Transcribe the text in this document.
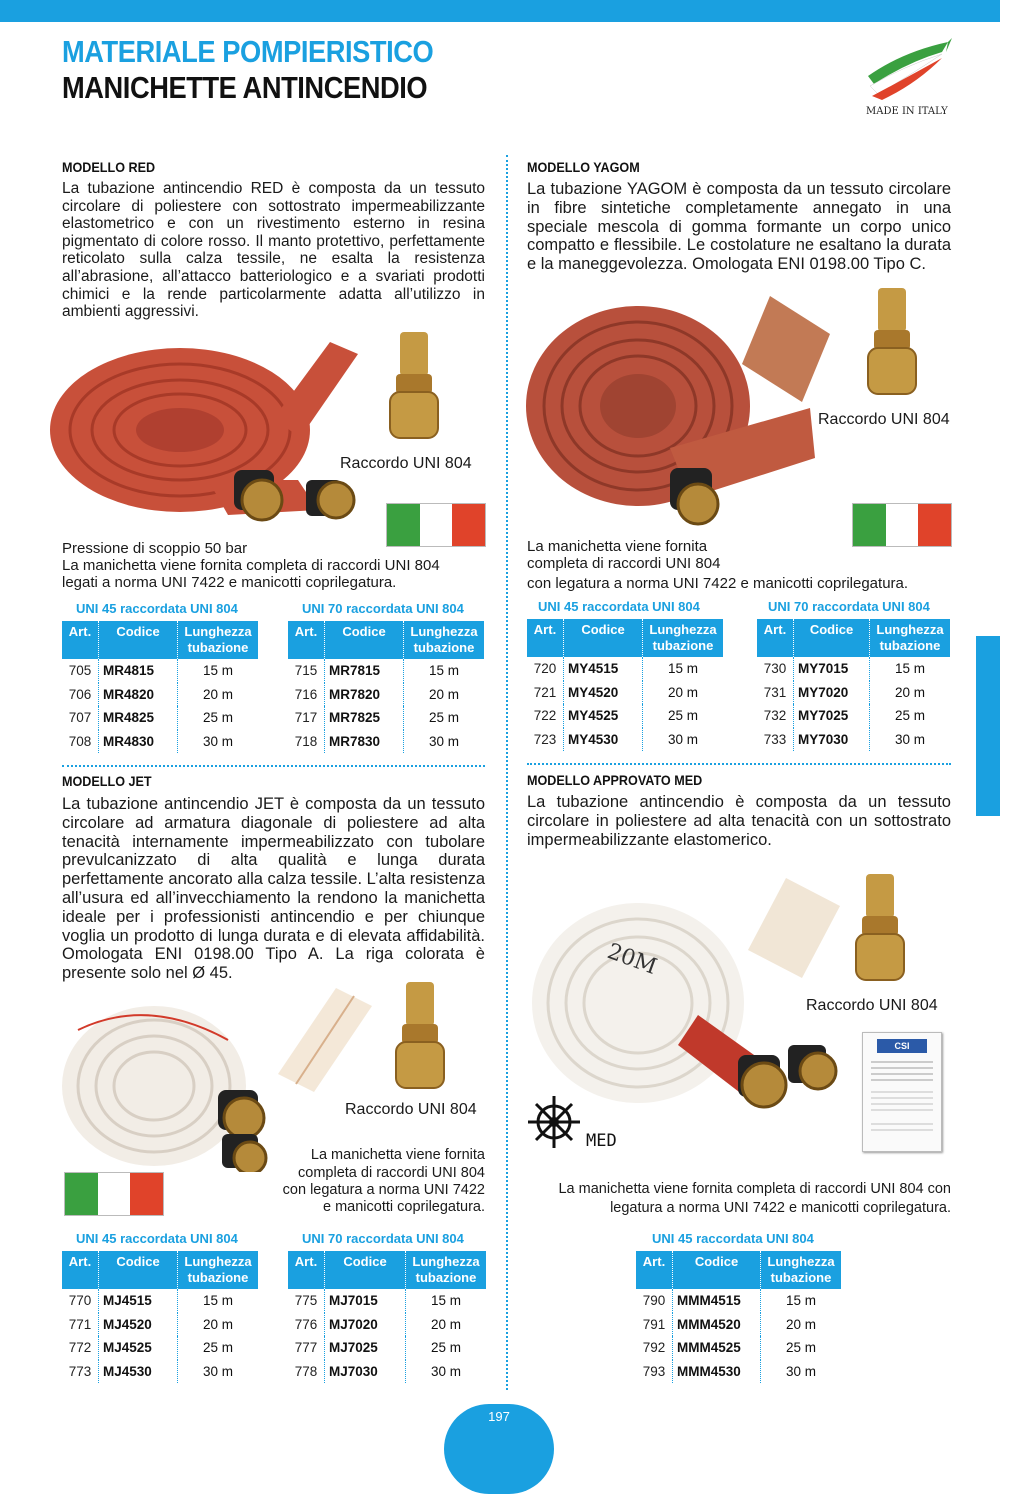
MATERIALE POMPIERISTICO
MANICHETTE ANTINCENDIO
MADE IN ITALY
MODELLO RED
La tubazione antincendio RED è composta da un tessuto circolare di poliestere con sottostrato impermeabilizzante elastometrico e con un rivestimento esterno in resina pigmentato di colore rosso. Il manto protettivo, perfettamente reticolato sulla calza tessile, ne esalta la resistenza all’abrasione, all’attacco batteriologico e a svariati prodotti chimici e la rende particolarmente adatta all’utilizzo in ambienti aggressivi.
Raccordo UNI 804
Pressione di scoppio 50 bar
La manichetta viene fornita completa di raccordi UNI 804
legati a norma UNI 7422 e manicotti coprilegatura.
UNI 45 raccordata UNI 804	UNI 70 raccordata UNI 804
Art.	Codice	Lunghezza
tubazione

705	MR4815	15 m
706	MR4820	20 m
707	MR4825	25 m
708	MR4830	30 m
Art.	Codice	Lunghezza
tubazione

715	MR7815	15 m
716	MR7820	20 m
717	MR7825	25 m
718	MR7830	30 m
MODELLO YAGOM
La tubazione YAGOM è composta da un tessuto circolare in fibre sintetiche completamente annegato in una speciale mescola di gomma formante un corpo unico compatto e flessibile. Le costolature ne esaltano la durata e la maneggevolezza. Omologata ENI 0198.00 Tipo C.
Raccordo UNI 804
La manichetta viene fornita
completa di raccordi UNI 804
con legatura a norma UNI 7422 e manicotti coprilegatura.
UNI 45 raccordata UNI 804	UNI 70 raccordata UNI 804
Art.	Codice	Lunghezza
tubazione

720	MY4515	15 m
721	MY4520	20 m
722	MY4525	25 m
723	MY4530	30 m
Art.	Codice	Lunghezza
tubazione

730	MY7015	15 m
731	MY7020	20 m
732	MY7025	25 m
733	MY7030	30 m
MODELLO JET
La tubazione antincendio JET è composta da un tessuto circolare ad armatura diagonale di poliestere ad alta tenacità internamente impermeabilizzato con tubolare prevulcanizzato di alta qualità e lunga durata perfettamente ancorato alla calza tessile. L’alta resistenza all’usura ed all’invecchiamento la rendono la manichetta ideale per i professionisti antincendio e per chiunque voglia un prodotto di lunga durata e di elevata affidabilità. Omologata ENI 0198.00 Tipo A. La riga colorata è presente solo nel Ø 45.
Raccordo UNI 804
La manichetta viene fornita
completa di raccordi UNI 804
con legatura a norma UNI 7422
e manicotti coprilegatura.
UNI 45 raccordata UNI 804	UNI 70 raccordata UNI 804
Art.	Codice	Lunghezza
tubazione

770	MJ4515	15 m
771	MJ4520	20 m
772	MJ4525	25 m
773	MJ4530	30 m
Art.	Codice	Lunghezza
tubazione

775	MJ7015	15 m
776	MJ7020	20 m
777	MJ7025	25 m
778	MJ7030	30 m
MODELLO APPROVATO MED
La tubazione antincendio è composta da un tessuto circolare in poliestere ad alta tenacità con un sottostrato impermeabilizzante elastomerico.
20M
Raccordo UNI 804
MED
CSI
La manichetta viene fornita completa di raccordi UNI 804 con
legatura a norma UNI 7422 e manicotti coprilegatura.
UNI 45 raccordata UNI 804
Art.	Codice	Lunghezza
tubazione

790	MMM4515	15 m
791	MMM4520	20 m
792	MMM4525	25 m
793	MMM4530	30 m
197
